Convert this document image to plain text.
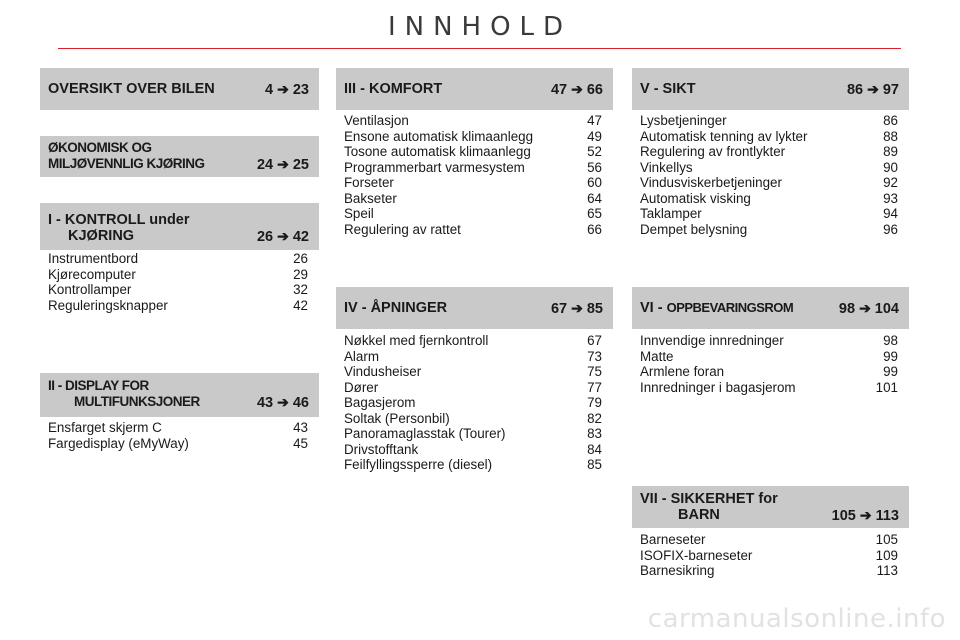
INNHOLD
OVERSIKT OVER BILEN	4 ➔ 23
ØKONOMISK OG
MILJØVENNLIG KJØRING	24 ➔ 25
I - KONTROLL under
KJØRING	26 ➔ 42
Instrumentbord	26
Kjørecomputer	29
Kontrollamper	32
Reguleringsknapper	42
II - DISPLAY FOR
MULTIFUNKSJONER	43 ➔ 46
Ensfarget skjerm C	43
Fargedisplay (eMyWay)	45
III - KOMFORT	47 ➔ 66
Ventilasjon	47
Ensone automatisk klimaanlegg	49
Tosone automatisk klimaanlegg	52
Programmerbart varmesystem	56
Forseter	60
Bakseter	64
Speil	65
Regulering av rattet	66
IV - ÅPNINGER	67 ➔ 85
Nøkkel med fjernkontroll	67
Alarm	73
Vindusheiser	75
Dører	77
Bagasjerom	79
Soltak (Personbil)	82
Panoramaglasstak (Tourer)	83
Drivstofftank	84
Feilfyllingssperre (diesel)	85
V - SIKT	86 ➔ 97
Lysbetjeninger	86
Automatisk tenning av lykter	88
Regulering av frontlykter	89
Vinkellys	90
Vindusviskerbetjeninger	92
Automatisk visking	93
Taklamper	94
Dempet belysning	96
VI - OPPBEVARINGSROM	98 ➔ 104
Innvendige innredninger	98
Matte	99
Armlene foran	99
Innredninger i bagasjerom	101
VII - SIKKERHET for
BARN	105 ➔ 113
Barneseter	105
ISOFIX-barneseter	109
Barnesikring	113
carmanualsonline.info
